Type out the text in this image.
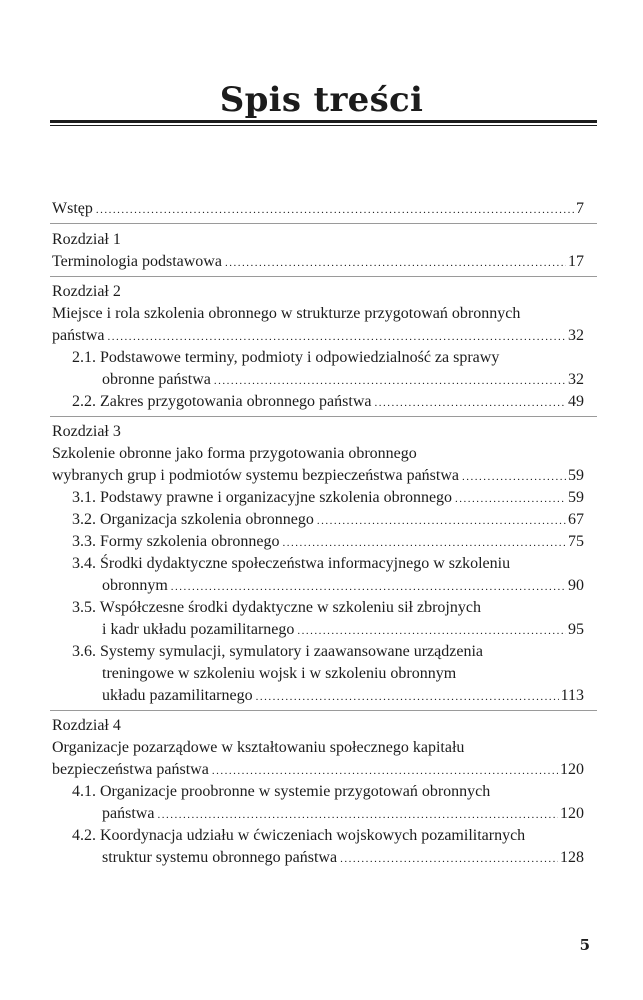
Spis treści
Wstęp .....	7
Rozdział 1
Terminologia podstawowa .....	17
Rozdział 2
Miejsce i rola szkolenia obronnego w strukturze przygotowań obronnych
państwa .....	32
2.1. Podstawowe terminy, podmioty i odpowiedzialność za sprawy
obronne państwa .....	32
2.2. Zakres przygotowania obronnego państwa .....	49
Rozdział 3
Szkolenie obronne jako forma przygotowania obronnego
wybranych grup i podmiotów systemu bezpieczeństwa państwa .....	59
3.1. Podstawy prawne i organizacyjne szkolenia obronnego .....	59
3.2. Organizacja szkolenia obronnego .....	67
3.3. Formy szkolenia obronnego .....	75
3.4. Środki dydaktyczne społeczeństwa informacyjnego w szkoleniu
obronnym .....	90
3.5. Współczesne środki dydaktyczne w szkoleniu sił zbrojnych
i kadr układu pozamilitarnego .....	95
3.6. Systemy symulacji, symulatory i zaawansowane urządzenia
treningowe w szkoleniu wojsk i w szkoleniu obronnym
układu pazamilitarnego .....	113
Rozdział 4
Organizacje pozarządowe w kształtowaniu społecznego kapitału
bezpieczeństwa państwa .....	120
4.1. Organizacje proobronne w systemie przygotowań obronnych
państwa .....	120
4.2. Koordynacja udziału w ćwiczeniach wojskowych pozamilitarnych
struktur systemu obronnego państwa .....	128
5
